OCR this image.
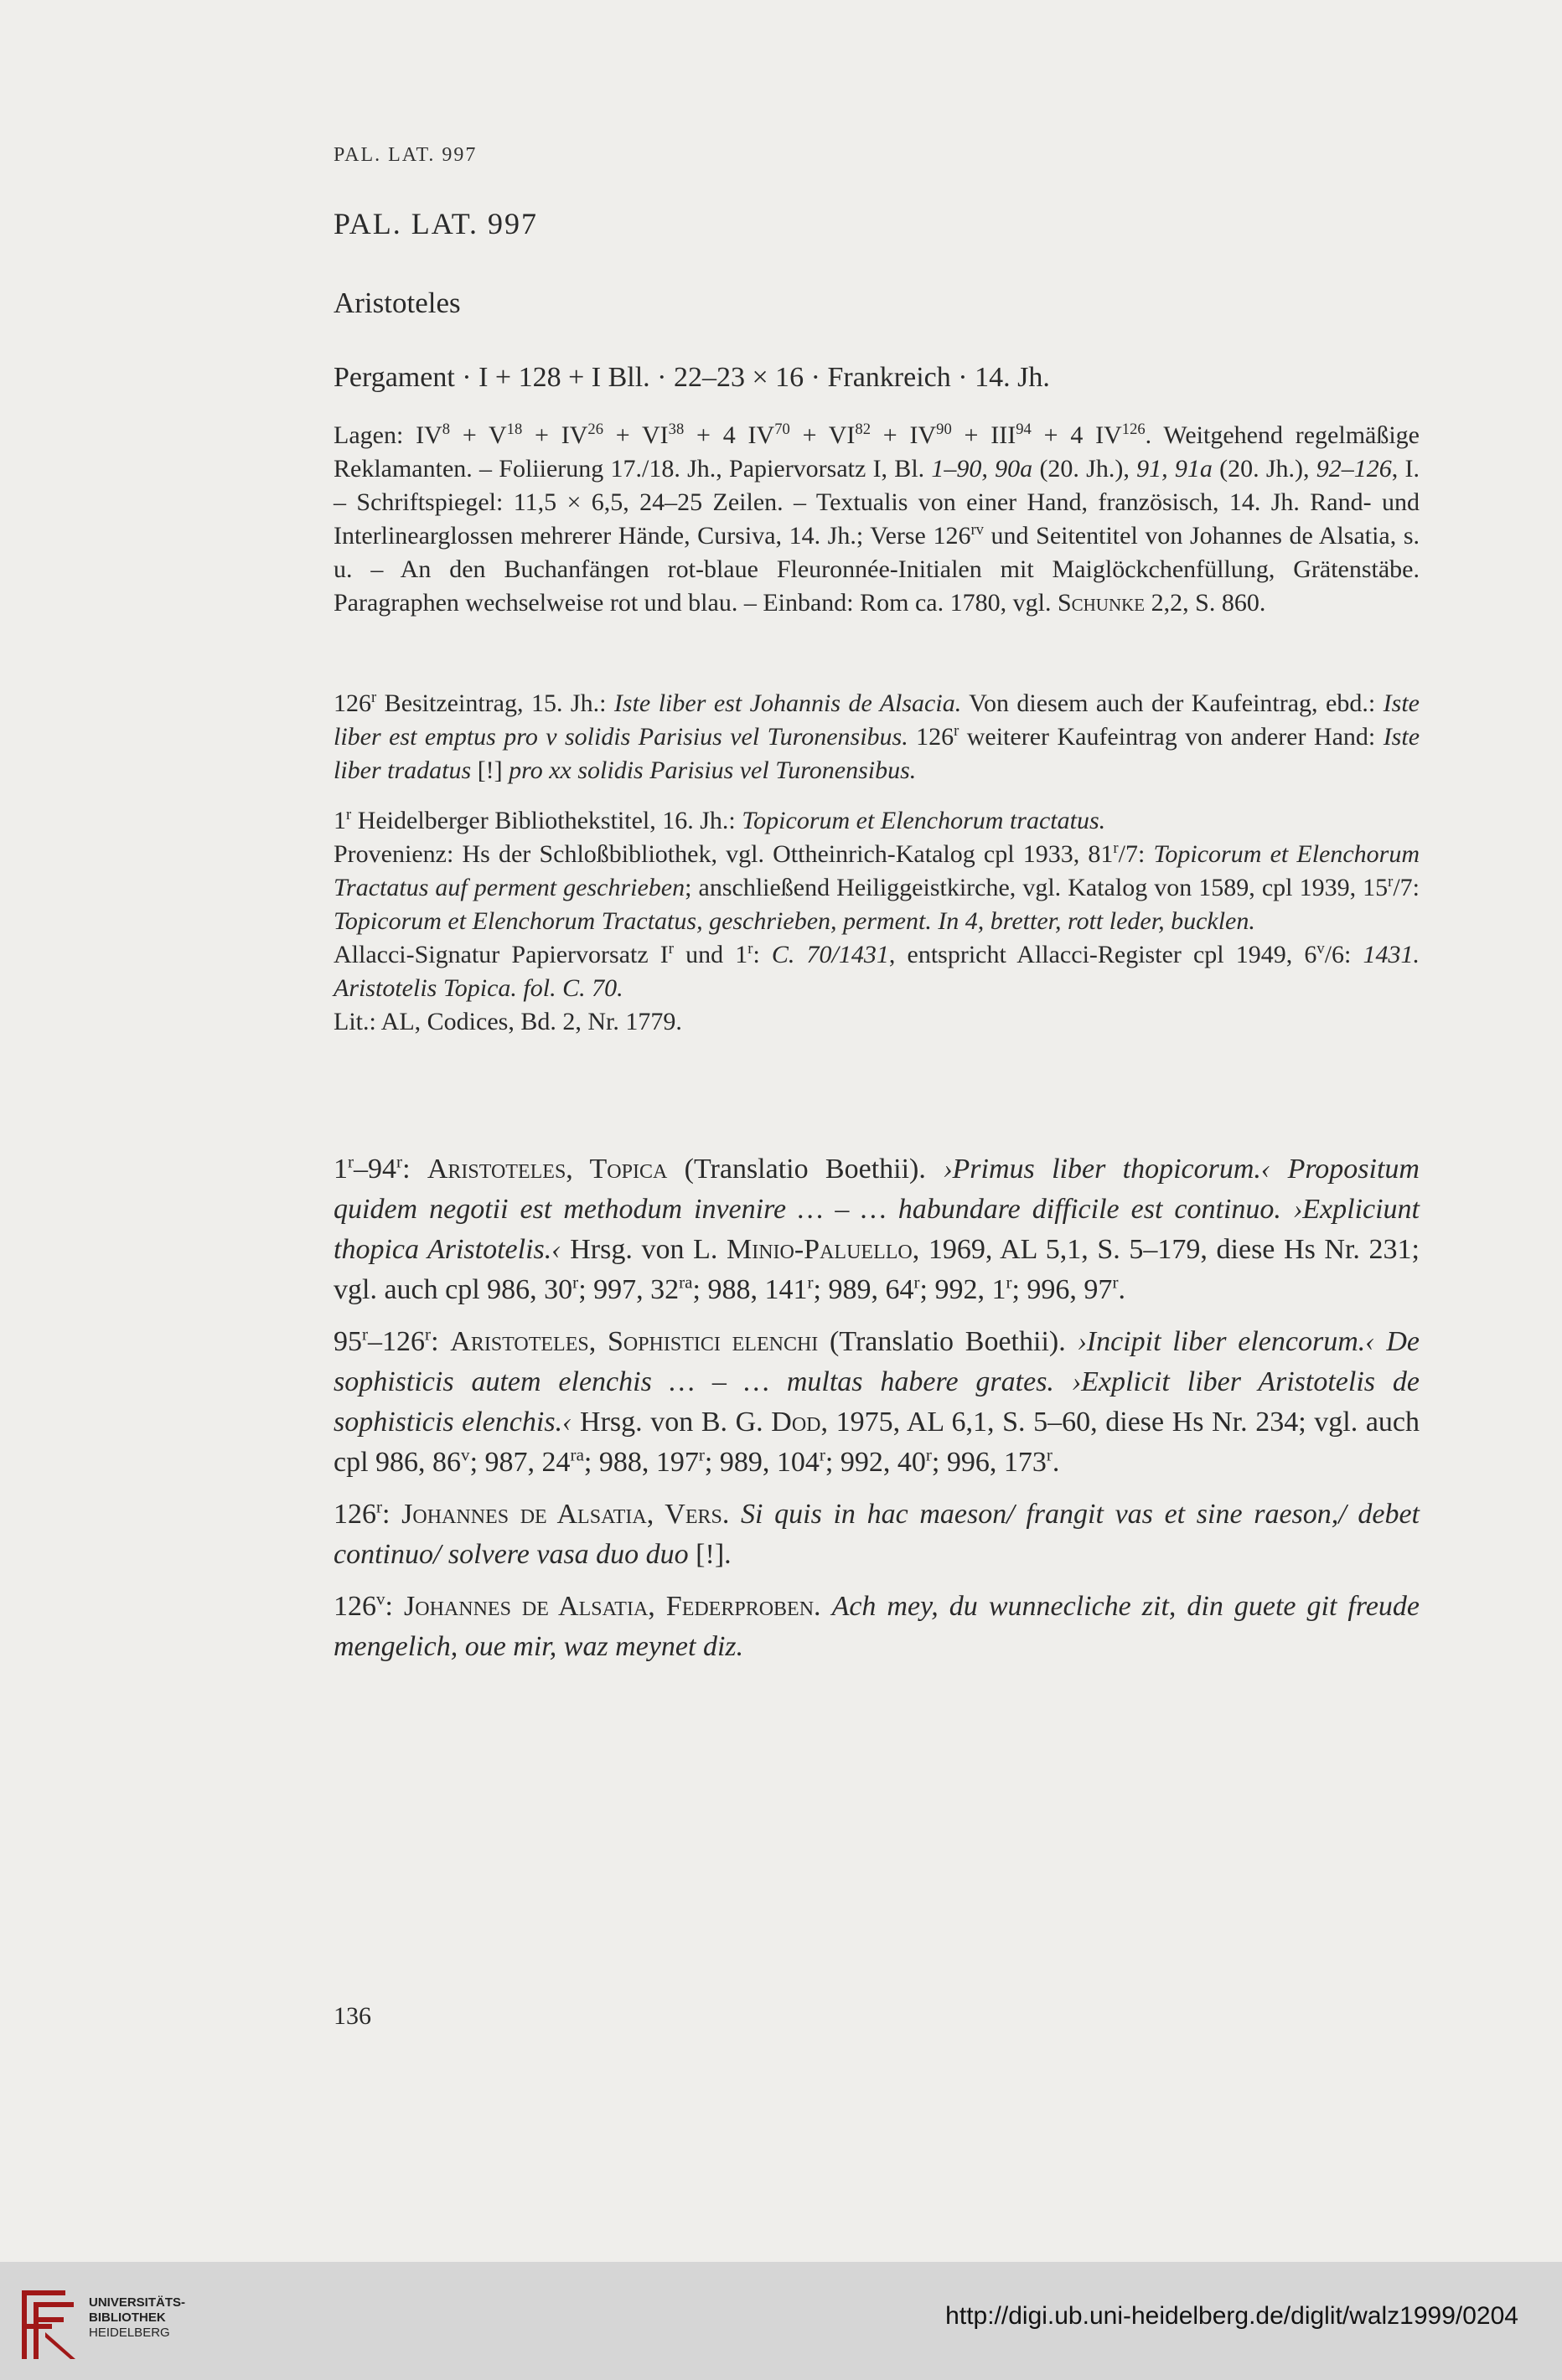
PAL. LAT. 997
PAL. LAT. 997
Aristoteles
Pergament · I + 128 + I Bll. · 22–23 × 16 · Frankreich · 14. Jh.

Lagen: $IV^8 + V^{18} + IV^{26} + VI^{38} + 4$ $IV^{70} + VI^{82} + IV^{90} + III^{94} + 4$ IV$^{126}$. Weitgehend regelmäßige Reklamanten. – Foliierung 17./18. Jh., Papiervorsatz I, Bl. 1–90, 90a (20. Jh.), 91, 91a (20. Jh.), 92–126, I. – Schriftspiegel: 11,5 × 6,5, 24–25 Zeilen. – Textualis von einer Hand, französisch, 14. Jh. Rand- und Interlinearglossen mehrerer Hände, Cursiva, 14. Jh.; Verse $126^{rv}$ und Seitentitel von Johannes de Alsatia, s. u. – An den Buchanfängen rot-blaue Fleuronnée-Initialen mit Maiglöckchenfüllung, Grätenstäbe. Paragraphen wechselweise rot und blau. – Einband: Rom ca. 1780, vgl. Schunke 2,2, S. 860.

126$^r$ Besitzeintrag, 15. Jh.: Iste liber est Johannis de Alsacia. Von diesem auch der Kaufeintrag, ebd.: Iste liber est emptus pro v solidis Parisius vel Turonensibus. 126$^r$ weiterer Kaufeintrag von anderer Hand: Iste liber tradatus [!] pro xx solidis Parisius vel Turonensibus.

1$^r$ Heidelberger Bibliothekstitel, 16. Jh.: Topicorum et Elenchorum tractatus.

Provenienz: Hs der Schloßbibliothek, vgl. Ottheinrich-Katalog cpl 1933, 81$^r$/7: Topicorum et Elenchorum Tractatus auf perment geschrieben; anschließend Heiliggeistkirche, vgl. Katalog von 1589, cpl 1939, 15$^r$/7: Topicorum et Elenchorum Tractatus, geschrieben, perment. In 4, bretter, rott leder, bucklen.

Allacci-Signatur Papiervorsatz $I^r$ und 1$^r$: C. 70/1431, entspricht Allacci-Register cpl 1949, 6$^v$/6: 1431. Aristotelis Topica. fol. C. 70.

Lit.: AL, Codices, Bd. 2, Nr. 1779.

1$^r$–94$^r$: Aristoteles, Topica (Translatio Boethii). ›Primus liber thopicorum.‹ Propositum quidem negotii est methodum invenire … – … habundare difficile est continuo. ›Expliciunt thopica Aristotelis.‹ Hrsg. von L. Minio-Paluello, 1969, AL 5,1, S. 5–179, diese Hs Nr. 231; vgl. auch cpl 986, 30$^r$; 997, $32^{ra}$; 988, 141$^r$; 989, 64$^r$; 992, 1$^r$; 996, 97$^r$.

95$^r$–126$^r$: Aristoteles, Sophistici elenchi (Translatio Boethii). ›Incipit liber elencorum.‹ De sophisticis autem elenchis … – … multas habere grates. ›Explicit liber Aristotelis de sophisticis elenchis.‹ Hrsg. von B. G. Dod, 1975, AL 6,1, S. 5–60, diese Hs Nr. 234; vgl. auch cpl 986, 86$^v$; 987, $24^{ra}$; 988, 197$^r$; 989, 104$^r$; 992, 40$^r$; 996, 173$^r$.

126$^r$: Johannes de Alsatia, Vers. Si quis in hac maeson/ frangit vas et sine raeson,/ debet continuo/ solvere vasa duo duo [!].

126$^v$: Johannes de Alsatia, Federproben. Ach mey, du wunnecliche zit, din guete git freude mengelich, oue mir, waz meynet diz.

136
UNIVERSITÄTS-
BIBLIOTHEK
HEIDELBERG
http://digi.ub.uni-heidelberg.de/diglit/walz1999/0204
